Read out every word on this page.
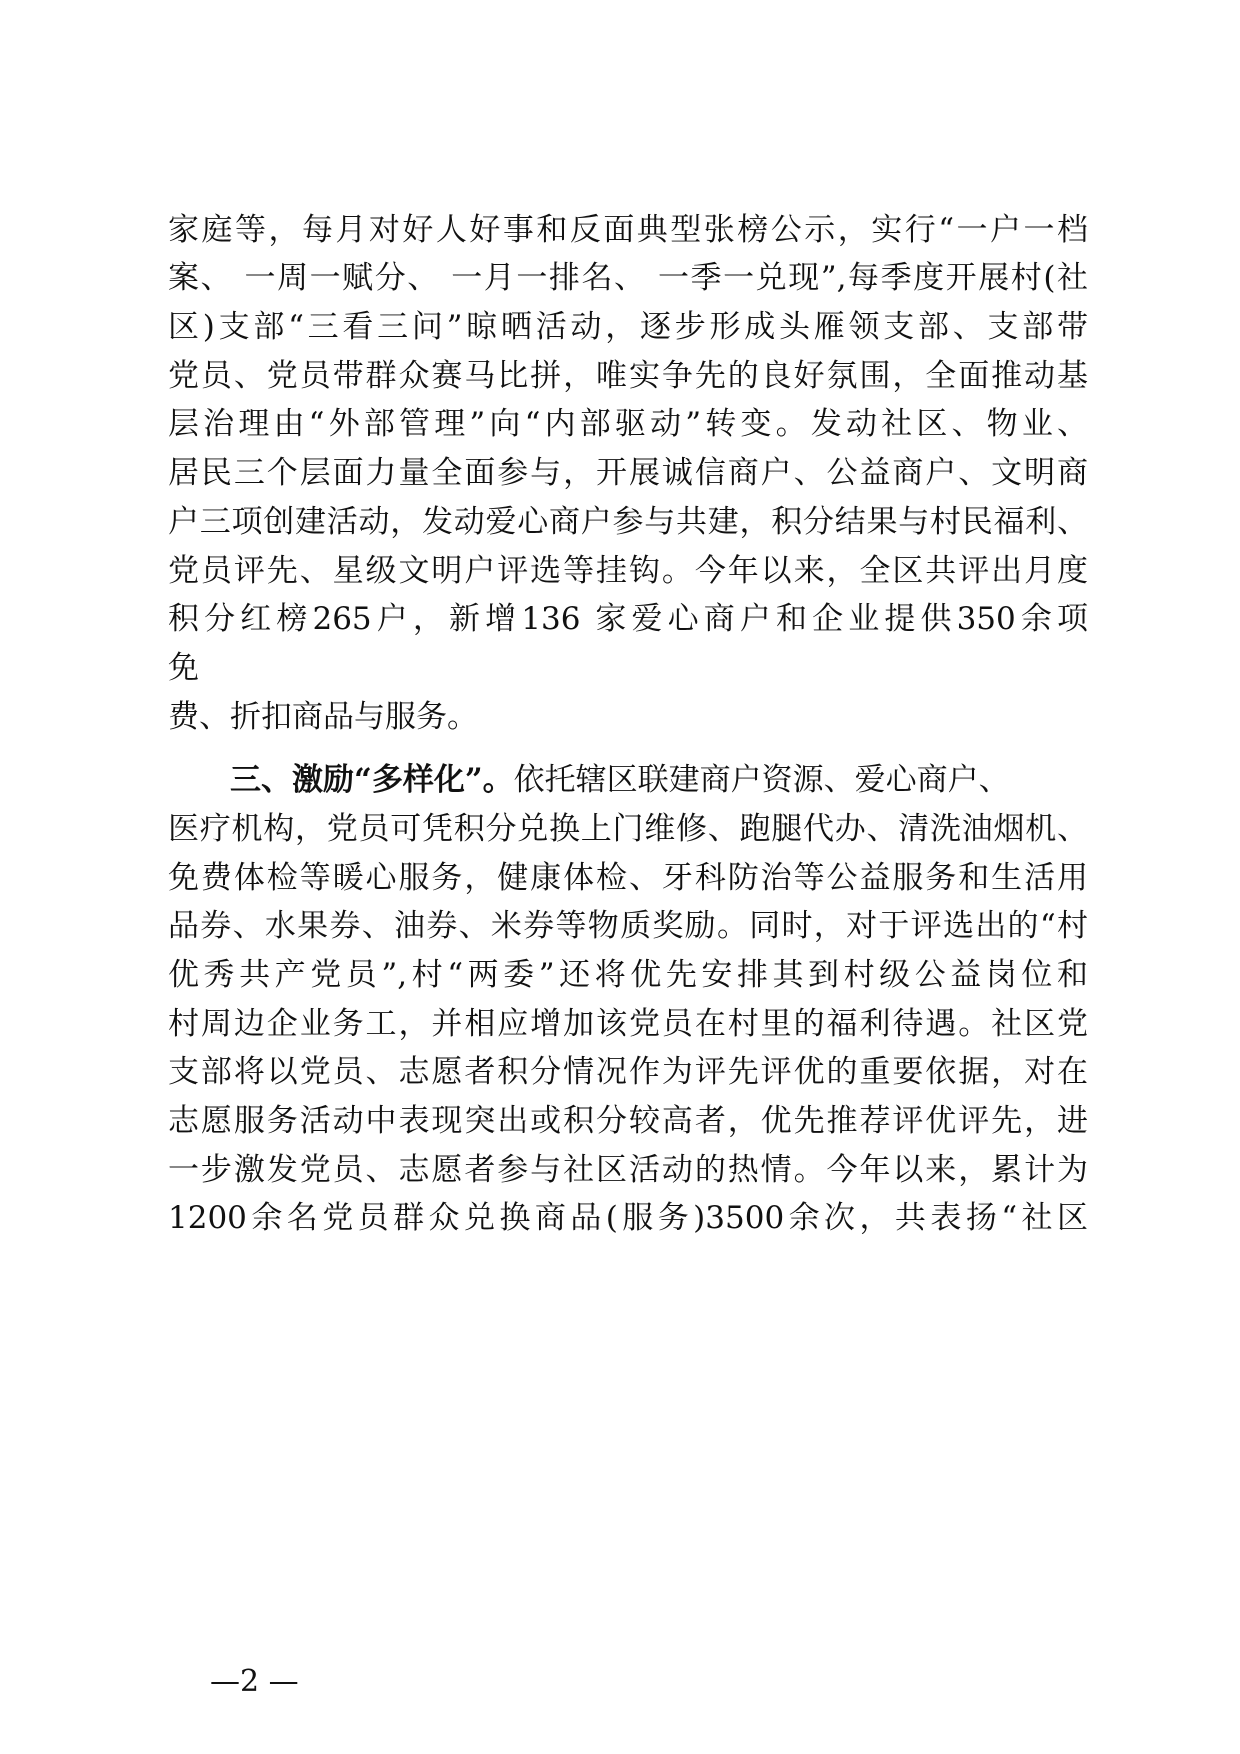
家庭等，每月对好人好事和反面典型张榜公示，实行“一户一档
案、 一周一赋分、 一月一排名、 一季一兑现”,每季度开展村(社
区)支部“三看三问”晾晒活动，逐步形成头雁领支部、支部带
党员、党员带群众赛马比拼，唯实争先的良好氛围，全面推动基
层治理由“外部管理”向“内部驱动”转变。发动社区、物业、
居民三个层面力量全面参与，开展诚信商户、公益商户、文明商
户三项创建活动，发动爱心商户参与共建，积分结果与村民福利、
党员评先、星级文明户评选等挂钩。今年以来，全区共评出月度
积分红榜265户，新增136 家爱心商户和企业提供350余项
免
费、折扣商品与服务。
三、激励“多样化”。依托辖区联建商户资源、爱心商户、
医疗机构，党员可凭积分兑换上门维修、跑腿代办、清洗油烟机、
免费体检等暖心服务，健康体检、牙科防治等公益服务和生活用
品券、水果券、油券、米券等物质奖励。同时，对于评选出的“村
优秀共产党员”,村“两委”还将优先安排其到村级公益岗位和
村周边企业务工，并相应增加该党员在村里的福利待遇。社区党
支部将以党员、志愿者积分情况作为评先评优的重要依据，对在
志愿服务活动中表现突出或积分较高者，优先推荐评优评先，进
一步激发党员、志愿者参与社区活动的热情。今年以来，累计为
1200余名党员群众兑换商品(服务)3500余次，共表扬“社区
—2 —
